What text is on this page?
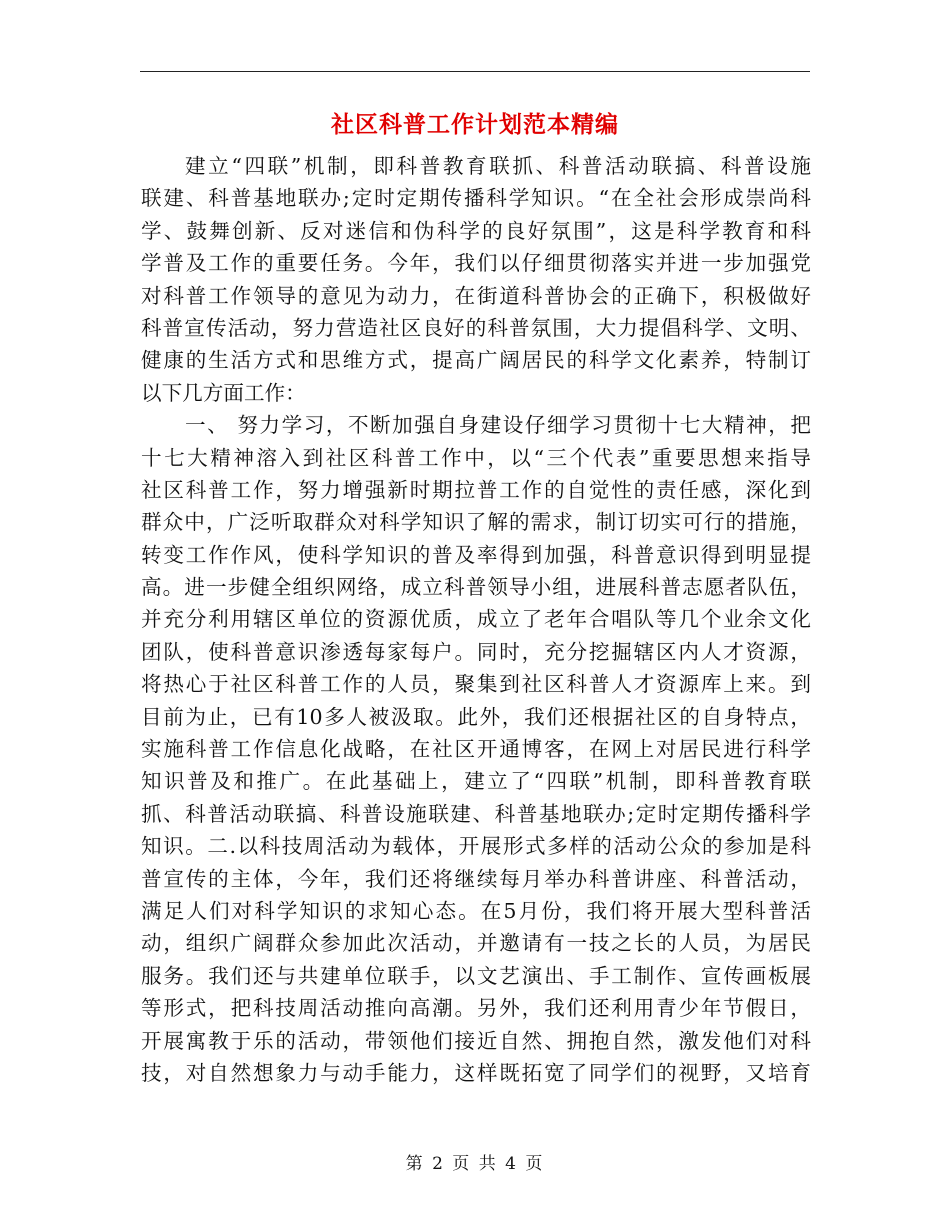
社区科普工作计划范本精编
建立“四联”机制，即科普教育联抓、科普活动联搞、科普设施
联建、科普基地联办;定时定期传播科学知识。“在全社会形成崇尚科
学、鼓舞创新、反对迷信和伪科学的良好氛围”，这是科学教育和科
学普及工作的重要任务。今年，我们以仔细贯彻落实并进一步加强党
对科普工作领导的意见为动力，在街道科普协会的正确下，积极做好
科普宣传活动，努力营造社区良好的科普氛围，大力提倡科学、文明、
健康的生活方式和思维方式，提高广阔居民的科学文化素养，特制订
以下几方面工作：
一、 努力学习，不断加强自身建设仔细学习贯彻十七大精神，把
十七大精神溶入到社区科普工作中，以“三个代表”重要思想来指导
社区科普工作，努力增强新时期拉普工作的自觉性的责任感，深化到
群众中，广泛听取群众对科学知识了解的需求，制订切实可行的措施，
转变工作作风，使科学知识的普及率得到加强，科普意识得到明显提
高。进一步健全组织网络，成立科普领导小组，进展科普志愿者队伍，
并充分利用辖区单位的资源优质，成立了老年合唱队等几个业余文化
团队，使科普意识渗透每家每户。同时，充分挖掘辖区内人才资源，
将热心于社区科普工作的人员，聚集到社区科普人才资源库上来。到
目前为止，已有10多人被汲取。此外，我们还根据社区的自身特点，
实施科普工作信息化战略，在社区开通博客，在网上对居民进行科学
知识普及和推广。在此基础上，建立了“四联”机制，即科普教育联
抓、科普活动联搞、科普设施联建、科普基地联办;定时定期传播科学
知识。二.以科技周活动为载体，开展形式多样的活动公众的参加是科
普宣传的主体，今年，我们还将继续每月举办科普讲座、科普活动，
满足人们对科学知识的求知心态。在5月份，我们将开展大型科普活
动，组织广阔群众参加此次活动，并邀请有一技之长的人员，为居民
服务。我们还与共建单位联手，以文艺演出、手工制作、宣传画板展
等形式，把科技周活动推向高潮。另外，我们还利用青少年节假日，
开展寓教于乐的活动，带领他们接近自然、拥抱自然，激发他们对科
技，对自然想象力与动手能力，这样既拓宽了同学们的视野，又培育
第 2 页 共 4 页
